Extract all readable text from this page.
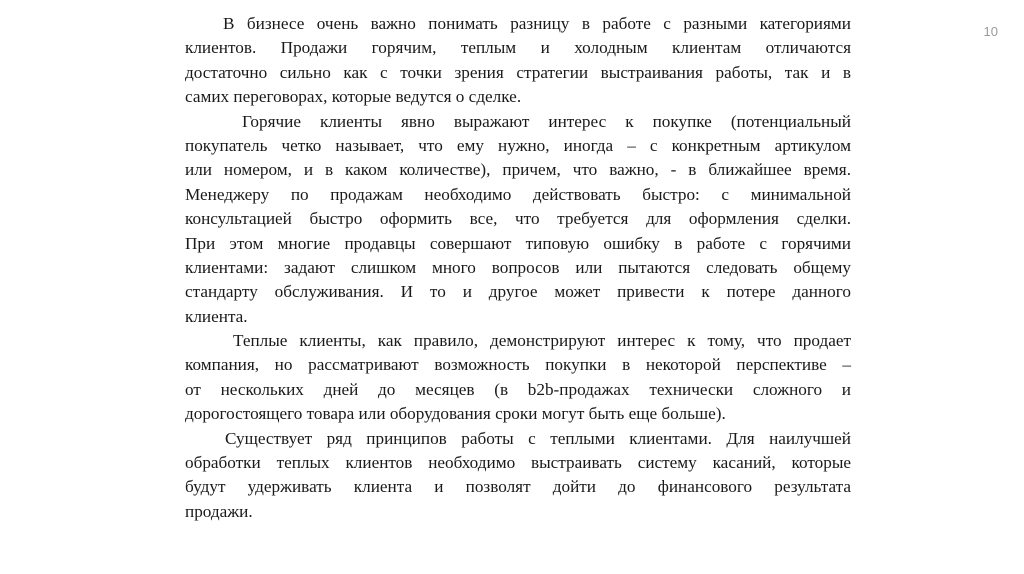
10
В бизнесе очень важно понимать разницу в работе с разными категориями
клиентов. Продажи горячим, теплым и холодным клиентам отличаются
достаточно сильно как с точки зрения стратегии выстраивания работы, так и в
самих переговорах, которые ведутся о сделке.
Горячие клиенты явно выражают интерес к покупке (потенциальный
покупатель четко называет, что ему нужно, иногда – с конкретным артикулом
или номером, и в каком количестве), причем, что важно, - в ближайшее время.
Менеджеру по продажам необходимо действовать быстро: с минимальной
консультацией быстро оформить все, что требуется для оформления сделки.
При этом многие продавцы совершают типовую ошибку в работе с горячими
клиентами: задают слишком много вопросов или пытаются следовать общему
стандарту обслуживания. И то и другое может привести к потере данного
клиента.
Теплые клиенты, как правило, демонстрируют интерес к тому, что продает
компания, но рассматривают возможность покупки в некоторой перспективе –
от нескольких дней до месяцев (в b2b-продажах технически сложного и
дорогостоящего товара или оборудования сроки могут быть еще больше).
Существует ряд принципов работы с теплыми клиентами. Для наилучшей
обработки теплых клиентов необходимо выстраивать систему касаний, которые
будут удерживать клиента и позволят дойти до финансового результата
продажи.
